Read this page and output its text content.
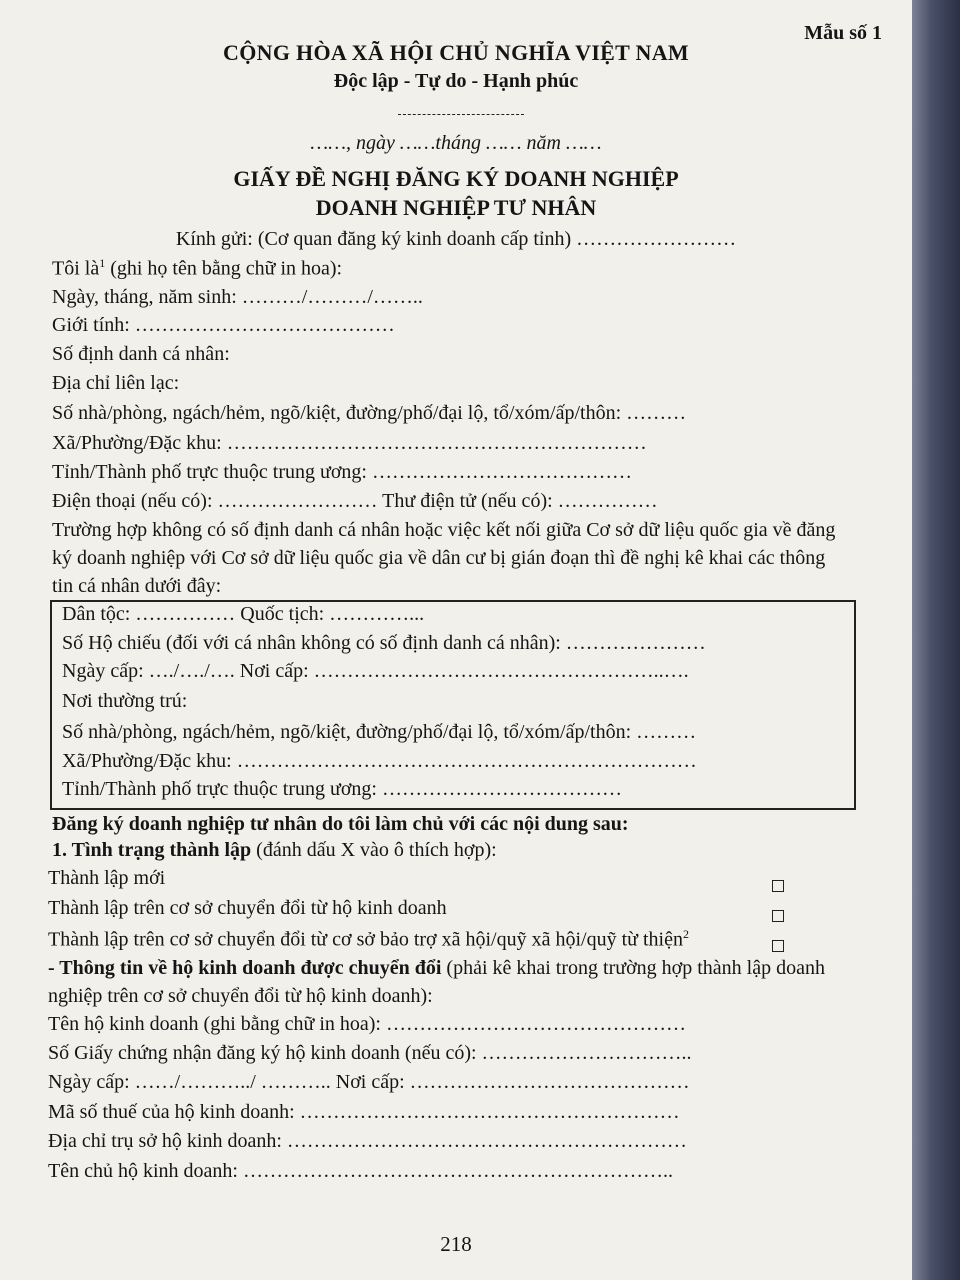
Mẫu số 1
CỘNG HÒA XÃ HỘI CHỦ NGHĨA VIỆT NAM
Độc lập - Tự do - Hạnh phúc
……, ngày ……tháng …… năm ……
GIẤY ĐỀ NGHỊ ĐĂNG KÝ DOANH NGHIỆP
DOANH NGHIỆP TƯ NHÂN
Kính gửi: (Cơ quan đăng ký kinh doanh cấp tỉnh) ……………………
Tôi $là^1$ (ghi họ tên bằng chữ in hoa):
Ngày, tháng, năm sinh: ………/………/……..
Giới tính: …………………………………
Số định danh cá nhân:
Địa chỉ liên lạc:
Số nhà/phòng, ngách/hẻm, ngõ/kiệt, đường/phố/đại lộ, tổ/xóm/ấp/thôn: ………
Xã/Phường/Đặc khu: ………………………………………………………
Tỉnh/Thành phố trực thuộc trung ương: …………………………………
Điện thoại (nếu có): …………………… Thư điện tử (nếu có): ……………
Trường hợp không có số định danh cá nhân hoặc việc kết nối giữa Cơ sở dữ liệu quốc gia về đăng
ký doanh nghiệp với Cơ sở dữ liệu quốc gia về dân cư bị gián đoạn thì đề nghị kê khai các thông
tin cá nhân dưới đây:
Dân tộc: …………… Quốc tịch: …………...
Số Hộ chiếu (đối với cá nhân không có số định danh cá nhân): …………………
Ngày cấp: …./…./…. Nơi cấp: ……………………………………………..….
Nơi thường trú:
Số nhà/phòng, ngách/hẻm, ngõ/kiệt, đường/phố/đại lộ, tổ/xóm/ấp/thôn: ………
Xã/Phường/Đặc khu: ……………………………………………………………
Tỉnh/Thành phố trực thuộc trung ương: ………………………………
Đăng ký doanh nghiệp tư nhân do tôi làm chủ với các nội dung sau:
1. Tình trạng thành lập (đánh dấu X vào ô thích hợp):
Thành lập mới
Thành lập trên cơ sở chuyển đổi từ hộ kinh doanh
Thành lập trên cơ sở chuyển đổi từ cơ sở bảo trợ xã hội/quỹ xã hội/quỹ từ thiện$^2$
- Thông tin về hộ kinh doanh được chuyển đổi (phải kê khai trong trường hợp thành lập doanh
nghiệp trên cơ sở chuyển đổi từ hộ kinh doanh):
Tên hộ kinh doanh (ghi bằng chữ in hoa): ………………………………………
Số Giấy chứng nhận đăng ký hộ kinh doanh (nếu có): …………………………..
Ngày cấp: ……/………../ ……….. Nơi cấp: ……………………………………
Mã số thuế của hộ kinh doanh: …………………………………………………
Địa chỉ trụ sở hộ kinh doanh: ……………………………………………………
Tên chủ hộ kinh doanh: ………………………………………………………..
218
